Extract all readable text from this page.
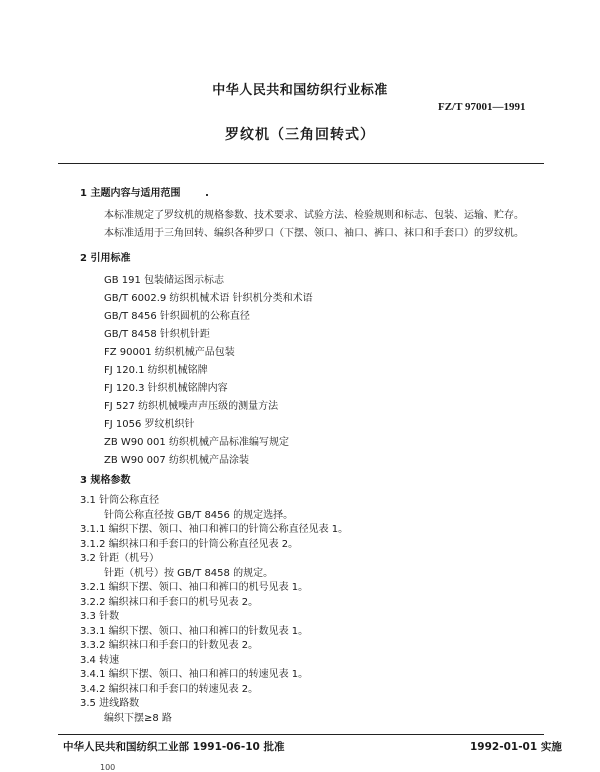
中华人民共和国纺织行业标准
FZ/T 97001—1991
罗纹机（三角回转式）
1 主题内容与适用范围
本标准规定了罗纹机的规格参数、技术要求、试验方法、检验规则和标志、包装、运输、贮存。
本标准适用于三角回转、编织各种罗口（下摆、领口、袖口、裤口、袜口和手套口）的罗纹机。
2 引用标准
GB 191 包装储运图示标志
GB/T 6002.9 纺织机械术语 针织机分类和术语
GB/T 8456 针织圆机的公称直径
GB/T 8458 针织机针距
FZ 90001 纺织机械产品包装
FJ 120.1 纺织机械铭牌
FJ 120.3 针织机械铭牌内容
FJ 527 纺织机械噪声声压级的测量方法
FJ 1056 罗纹机织针
ZB W90 001 纺织机械产品标准编写规定
ZB W90 007 纺织机械产品涂装
3 规格参数
3.1 针筒公称直径
针筒公称直径按 GB/T 8456 的规定选择。
3.1.1 编织下摆、领口、袖口和裤口的针筒公称直径见表 1。
3.1.2 编织袜口和手套口的针筒公称直径见表 2。
3.2 针距（机号）
针距（机号）按 GB/T 8458 的规定。
3.2.1 编织下摆、领口、袖口和裤口的机号见表 1。
3.2.2 编织袜口和手套口的机号见表 2。
3.3 针数
3.3.1 编织下摆、领口、袖口和裤口的针数见表 1。
3.3.2 编织袜口和手套口的针数见表 2。
3.4 转速
3.4.1 编织下摆、领口、袖口和裤口的转速见表 1。
3.4.2 编织袜口和手套口的转速见表 2。
3.5 进线路数
编织下摆≥8 路
中华人民共和国纺织工业部 1991-06-10 批准	1992-01-01 实施
100
